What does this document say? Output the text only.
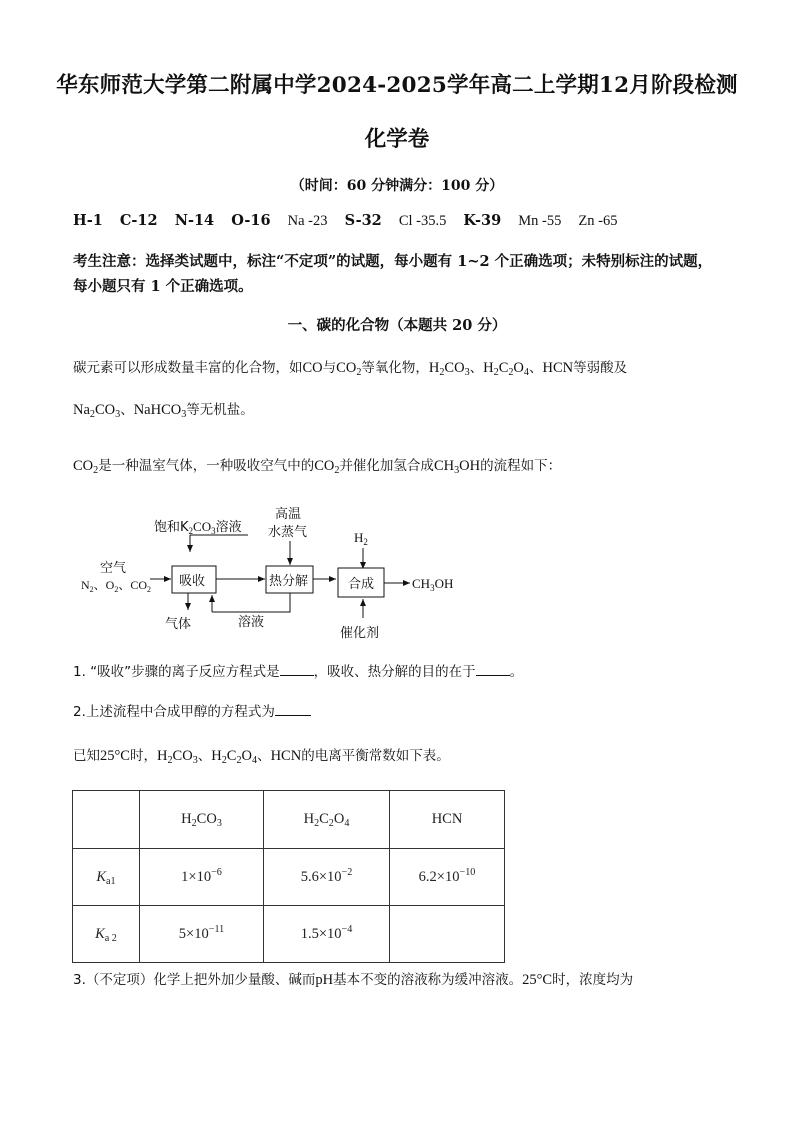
华东师范大学第二附属中学2024-2025学年高二上学期12月阶段检测
化学卷
（时间：60 分钟满分：100 分）
H-1 C-12 N-14 O-16 Na -23 S-32 Cl -35.5 K-39 Mn -55 Zn -65
考生注意：选择类试题中，标注“不定项”的试题，每小题有 1~2 个正确选项；未特别标注的试题，每小题只有 1 个正确选项。
一、碳的化合物（本题共 20 分）
碳元素可以形成数量丰富的化合物，如CO与$CO_2$等氧化物，$H_2CO_3$、$H_2C_2O_4$、HCN等弱酸及
$Na_2CO_3$、NaHCO$_3$等无机盐。
$CO_2$是一种温室气体，一种吸收空气中的$CO_2$并催化加氢合成$CH_3OH$的流程如下：
饱和$K_2CO_3$溶液
高温
水蒸气	$H_2$
空气
$N_2$、$O_2$、$CO_2$
吸收	热分解	合成	$CH_3OH$
气体	溶液
催化剂
1. “吸收”步骤的离子反应方程式是	，吸收、热分解的目的在于	。
2.上述流程中合成甲醇的方程式为
已知25°C时，$H_2CO_3$、$H_2C_2O_4$、HCN的电离平衡常数如下表。
	$H_2CO_3$	$H_2C_2O_4$	HCN
$K_{a1}$	$1\times 10^{-6}$	$5.6\times 10^{-2}$	$6.2\times 10^{-10}$
$K_{a 2}$	$5\times 10^{-11}$	$1.5\times 10^{-4}$	
3.（不定项）化学上把外加少量酸、碱而pH基本不变的溶液称为缓冲溶液。25°C时，浓度均为
